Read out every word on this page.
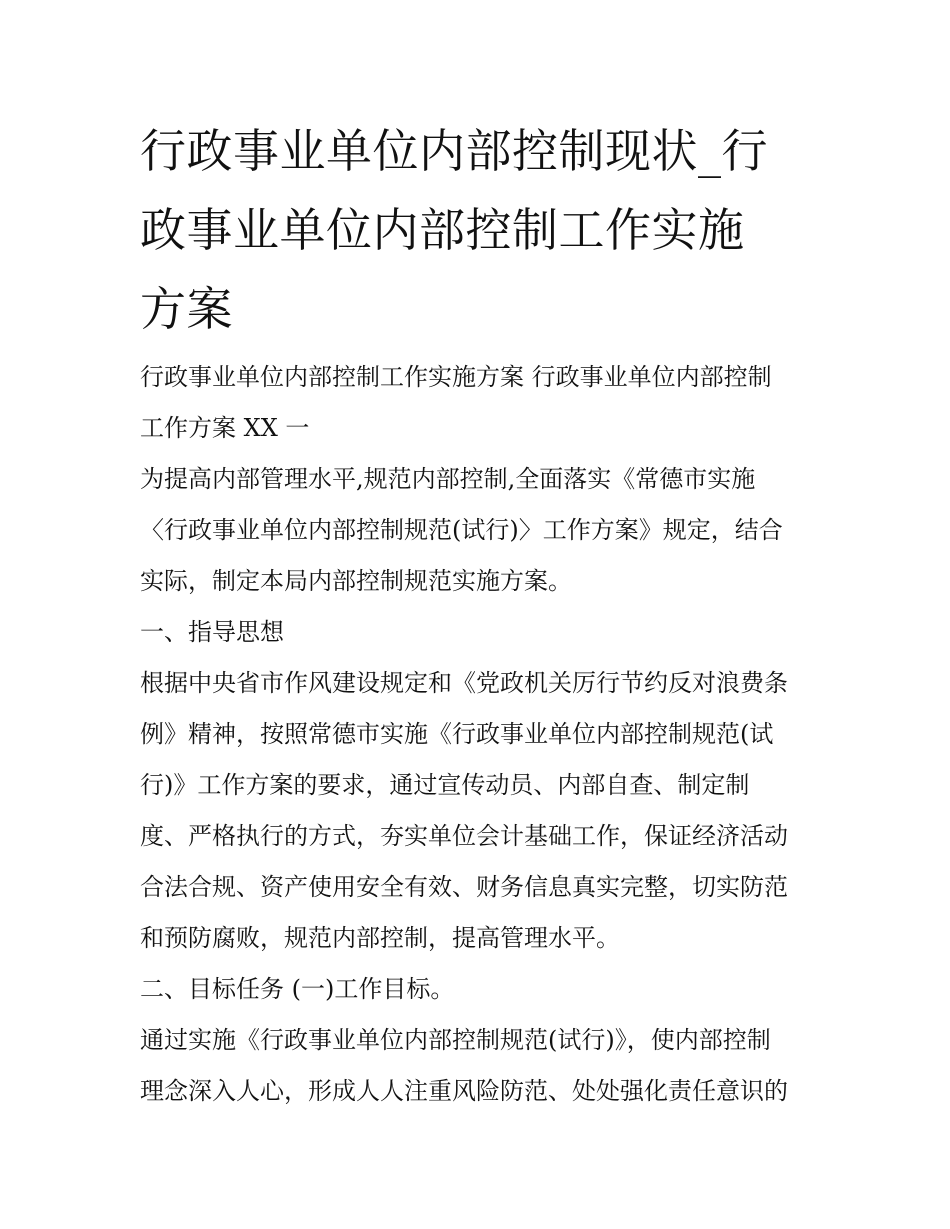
行政事业单位内部控制现状_行
政事业单位内部控制工作实施
方案
行政事业单位内部控制工作实施方案 行政事业单位内部控制
工作方案 XX 一
为提高内部管理水平,规范内部控制,全面落实《常德市实施
〈行政事业单位内部控制规范(试行)〉工作方案》规定，结合
实际，制定本局内部控制规范实施方案。
一、指导思想
根据中央省市作风建设规定和《党政机关厉行节约反对浪费条
例》精神，按照常德市实施《行政事业单位内部控制规范(试
行)》工作方案的要求，通过宣传动员、内部自查、制定制
度、严格执行的方式，夯实单位会计基础工作，保证经济活动
合法合规、资产使用安全有效、财务信息真实完整，切实防范
和预防腐败，规范内部控制，提高管理水平。
二、目标任务 (一)工作目标。
通过实施《行政事业单位内部控制规范(试行)》，使内部控制
理念深入人心，形成人人注重风险防范、处处强化责任意识的
